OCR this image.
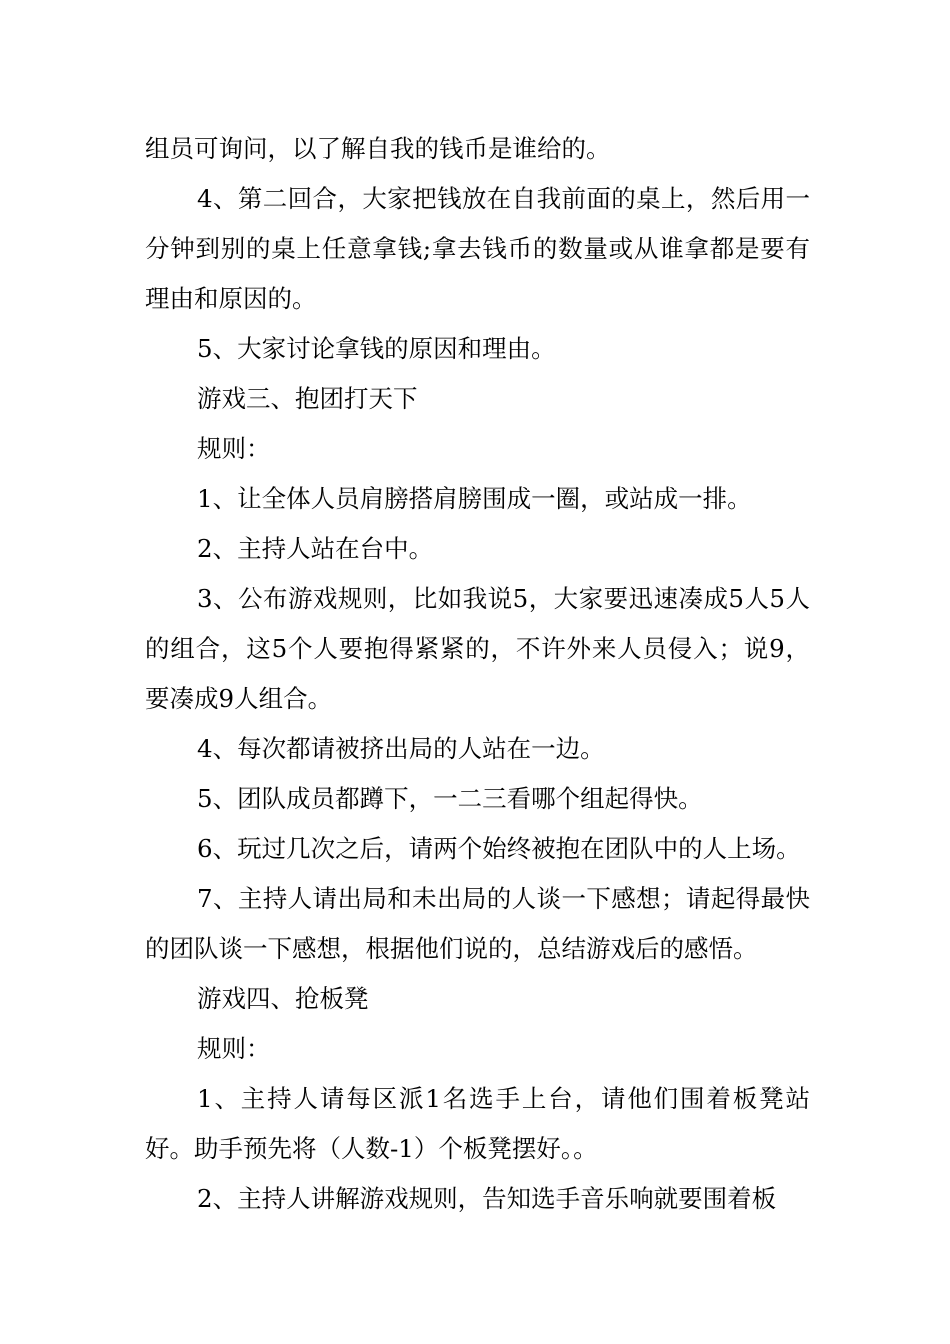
组员可询问，以了解自我的钱币是谁给的。

4、第二回合，大家把钱放在自我前面的桌上，然后用一分钟到别的桌上任意拿钱;拿去钱币的数量或从谁拿都是要有理由和原因的。

5、大家讨论拿钱的原因和理由。

游戏三、抱团打天下

规则：

1、让全体人员肩膀搭肩膀围成一圈，或站成一排。

2、主持人站在台中。

3、公布游戏规则，比如我说5，大家要迅速凑成5人5人的组合，这5个人要抱得紧紧的，不许外来人员侵入；说9，要凑成9人组合。

4、每次都请被挤出局的人站在一边。

5、团队成员都蹲下，一二三看哪个组起得快。

6、玩过几次之后，请两个始终被抱在团队中的人上场。

7、主持人请出局和未出局的人谈一下感想；请起得最快的团队谈一下感想，根据他们说的，总结游戏后的感悟。

游戏四、抢板凳

规则：

1、主持人请每区派1名选手上台，请他们围着板凳站好。助手预先将（人数-1）个板凳摆好。。

2、主持人讲解游戏规则，告知选手音乐响就要围着板
